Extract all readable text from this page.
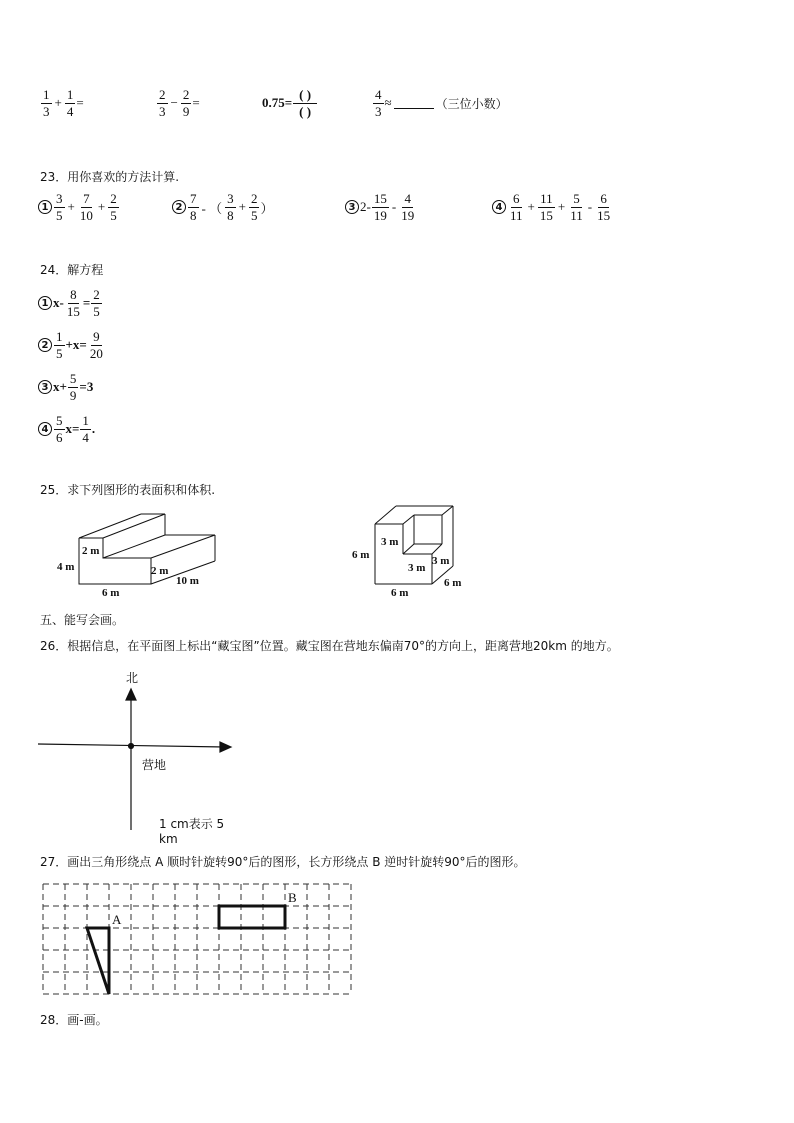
$\frac{1}{3} + \frac{1}{4}$ =	$\frac{2}{3} - \frac{2}{9}$ =	$0.75= \frac{( )}{( )}$	$\frac{4}{3}$ ≈	（三位小数）
23．用你喜欢的方法计算.
$1 \frac{3}{5} + \frac{7}{10} + \frac{2}{5}$	$2 \frac{7}{8}$ - （ $\frac{3}{8} + \frac{2}{5}$ ）	3 $2- \frac{15}{19} - \frac{4}{19}$	$4 \frac{6}{11} + \frac{11}{15} + \frac{5}{11} - \frac{6}{15}$
24．解方程
1 $x- \frac{8}{15} = \frac{2}{5}$
$2 \frac{1}{5} +x= \frac{9}{20}$
3 $x+ \frac{5}{9} =3$
$4 \frac{5}{6} x= \frac{1}{4}$ .
25．求下列图形的表面积和体积.
2 m
4 m	2 m
6 m
10 m
3 m
6 m
3 m
3 m
6 m
6 m
五、能写会画。
26．根据信息，在平面图上标出“藏宝图”位置。藏宝图在营地东偏南70°的方向上，距离营地20km 的地方。
北
营地
1 cm表示 5 km
27．画出三角形绕点 A 顺时针旋转90°后的图形，长方形绕点 B 逆时针旋转90°后的图形。
A
B
28．画-画。
